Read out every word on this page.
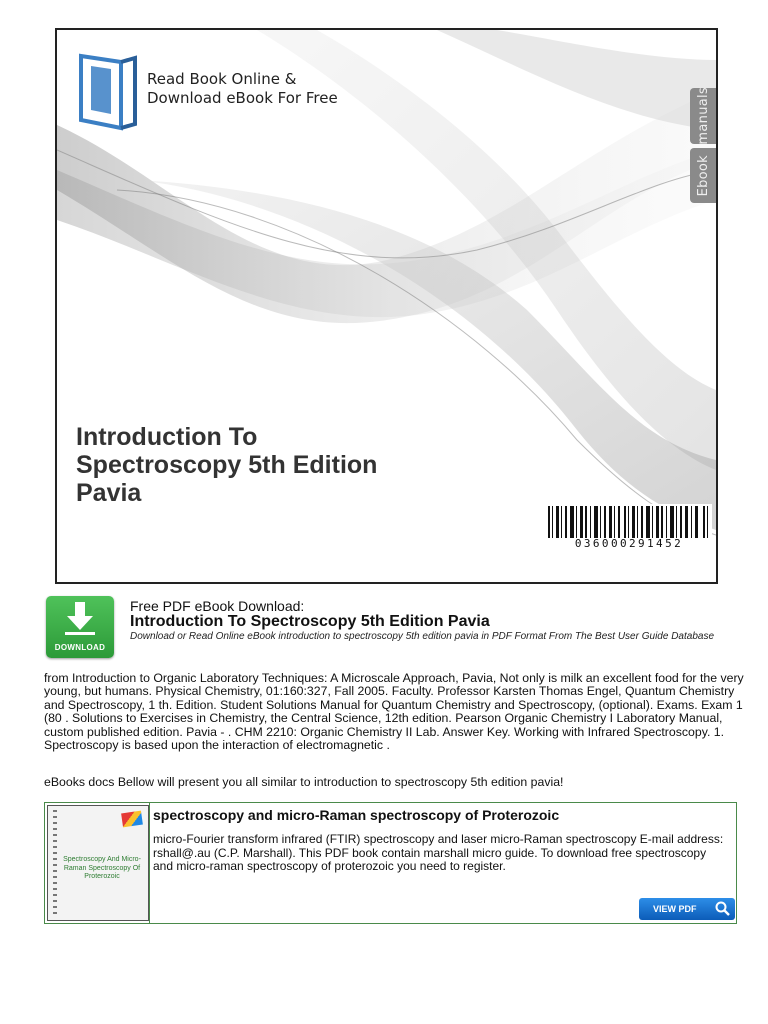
Read Book Online &
Download eBook For Free	manuals
Ebook
Introduction To
Spectroscopy 5th Edition
Pavia
036000291452
DOWNLOAD
Free PDF eBook Download:
Introduction To Spectroscopy 5th Edition Pavia
Download or Read Online eBook introduction to spectroscopy 5th edition pavia in PDF Format From The Best User Guide Database
from Introduction to Organic Laboratory Techniques: A Microscale Approach, Pavia, Not only is milk an excellent food for the very young, but humans. Physical Chemistry, 01:160:327, Fall 2005. Faculty. Professor Karsten Thomas Engel, Quantum Chemistry and Spectroscopy, 1 th. Edition. Student Solutions Manual for Quantum Chemistry and Spectroscopy, (optional). Exams. Exam 1 (80 . Solutions to Exercises in Chemistry, the Central Science, 12th edition. Pearson Organic Chemistry I Laboratory Manual, custom published edition. Pavia - . CHM 2210: Organic Chemistry II Lab. Answer Key. Working with Infrared Spectroscopy. 1. Spectroscopy is based upon the interaction of electromagnetic .
eBooks docs Bellow will present you all similar to introduction to spectroscopy 5th edition pavia!
Spectroscopy And Micro-Raman Spectroscopy Of Proterozoic
spectroscopy and micro-Raman spectroscopy of Proterozoic
micro-Fourier transform infrared (FTIR) spectroscopy and laser micro-Raman spectroscopy E-mail address: rshall@.au (C.P. Marshall). This PDF book contain marshall micro guide. To download free spectroscopy and micro-raman spectroscopy of proterozoic you need to register.
VIEW PDF
